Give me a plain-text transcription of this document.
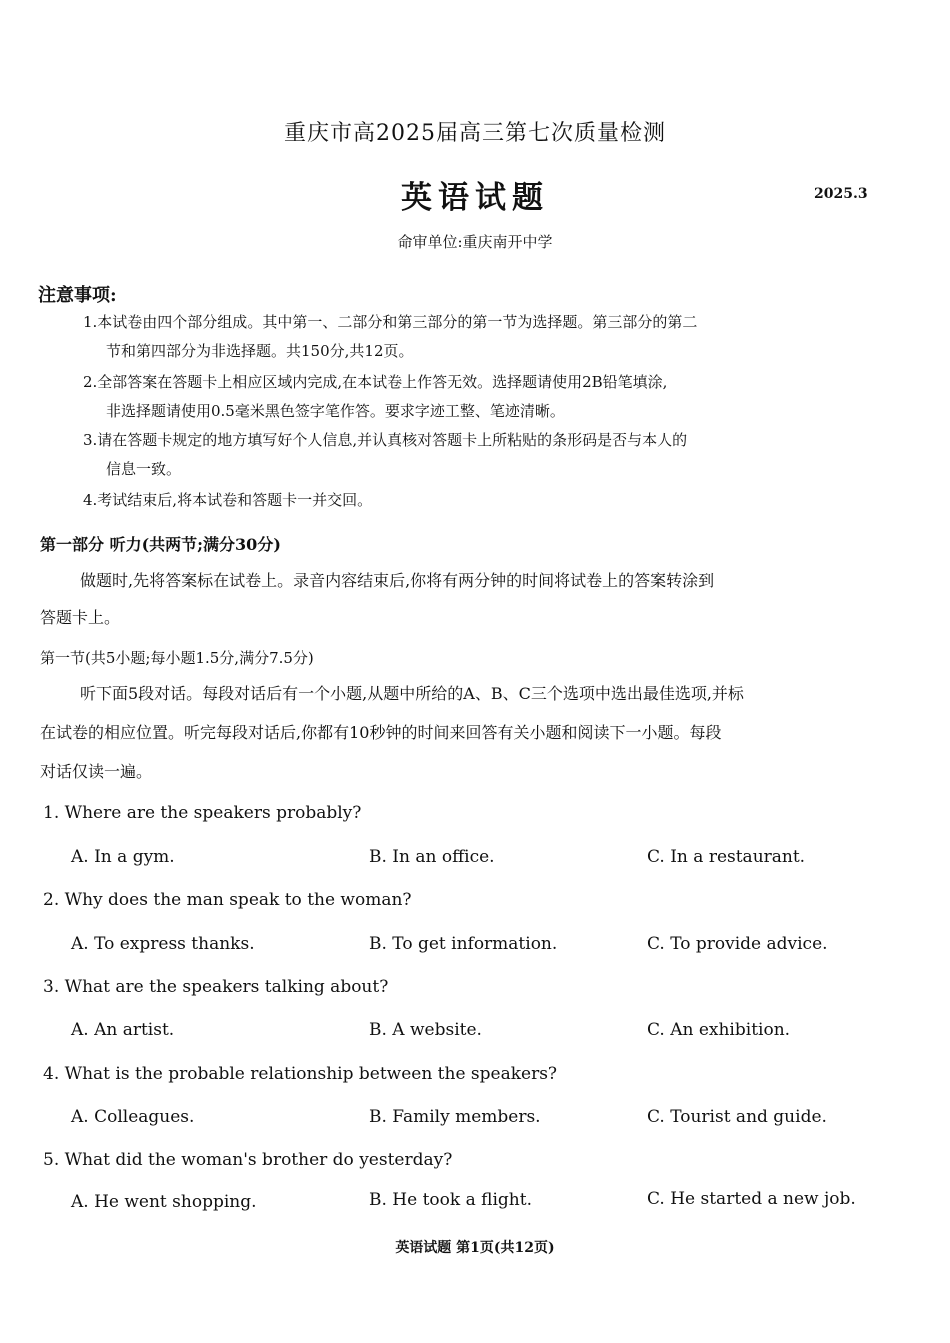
重庆市高2025届高三第七次质量检测
英语试题	2025.3
命审单位:重庆南开中学
注意事项:
1.本试卷由四个部分组成。其中第一、二部分和第三部分的第一节为选择题。第三部分的第二
节和第四部分为非选择题。共150分,共12页。
2.全部答案在答题卡上相应区域内完成,在本试卷上作答无效。选择题请使用2B铅笔填涂,
非选择题请使用0.5毫米黑色签字笔作答。要求字迹工整、笔迹清晰。
3.请在答题卡规定的地方填写好个人信息,并认真核对答题卡上所粘贴的条形码是否与本人的
信息一致。
4.考试结束后,将本试卷和答题卡一并交回。
第一部分 听力(共两节;满分30分)
做题时,先将答案标在试卷上。录音内容结束后,你将有两分钟的时间将试卷上的答案转涂到
答题卡上。
第一节(共5小题;每小题1.5分,满分7.5分)
听下面5段对话。每段对话后有一个小题,从题中所给的A、B、C三个选项中选出最佳选项,并标
在试卷的相应位置。听完每段对话后,你都有10秒钟的时间来回答有关小题和阅读下一小题。每段
对话仅读一遍。
1. Where are the speakers probably?
A. In a gym.	B. In an office.	C. In a restaurant.
2. Why does the man speak to the woman?
A. To express thanks.	B. To get information.	C. To provide advice.
3. What are the speakers talking about?
A. An artist.	B. A website.	C. An exhibition.
4. What is the probable relationship between the speakers?
A. Colleagues.	B. Family members.	C. Tourist and guide.
5. What did the woman's brother do yesterday?
A. He went shopping.	B. He took a flight.	C. He started a new job.
英语试题 第1页(共12页)
